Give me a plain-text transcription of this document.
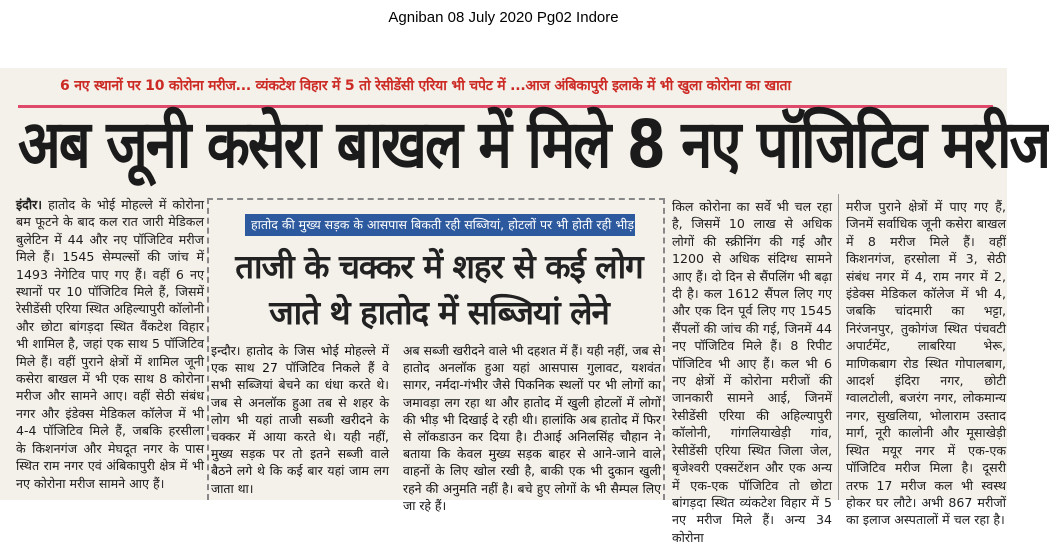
Agniban 08 July 2020 Pg02 Indore
6 नए स्थानों पर 10 कोरोना मरीज... व्यंकटेश विहार में 5 तो रेसीडेंसी एरिया भी चपेट में ...आज अंबिकापुरी इलाके में भी खुला कोरोना का खाता
अब जूनी कसेरा बाखल में मिले 8 नए पॉजिटिव मरीज

इंदौर। हातोद के भोई मोहल्ले में कोरोना बम फूटने के बाद कल रात जारी मेडिकल बुलेटिन में 44 और नए पॉजिटिव मरीज मिले हैं। 1545 सेम्पल्सों की जांच में 1493 नेगेटिव पाए गए हैं। वहीं 6 नए स्थानों पर 10 पॉजिटिव मिले हैं, जिसमें रेसीडेंसी एरिया स्थित अहिल्यापुरी कॉलोनी और छोटा बांगड़दा स्थित वैंकटेश विहार भी शामिल है, जहां एक साथ 5 पॉजिटिव मिले हैं। वहीं पुराने क्षेत्रों में शामिल जूनी कसेरा बाखल में भी एक साथ 8 कोरोना मरीज और सामने आए। वहीं सेठी संबंध नगर और इंडेक्स मेडिकल कॉलेज में भी 4-4 पॉजिटिव मिले हैं, जबकि हरसीला के किशनगंज और मेघदूत नगर के पास स्थित राम नगर एवं अंबिकापुरी क्षेत्र में भी नए कोरोना मरीज सामने आए हैं।

हातोद की मुख्य सड़क के आसपास बिकती रही सब्जियां, होटलों पर भी होती रही भीड़
ताजी के चक्कर में शहर से कई लोग जाते थे हातोद में सब्जियां लेने

इन्दौर। हातोद के जिस भोई मोहल्ले में एक साथ 27 पॉजिटिव निकले हैं वे सभी सब्जियां बेचने का धंधा करते थे। जब से अनलॉक हुआ तब से शहर के लोग भी यहां ताजी सब्जी खरीदने के चक्कर में आया करते थे। यही नहीं, मुख्य सड़क पर तो इतने सब्जी वाले बैठने लगे थे कि कई बार यहां जाम लग जाता था।

अब सब्जी खरीदने वाले भी दहशत में हैं। यही नहीं, जब से हातोद अनलॉक हुआ यहां आसपास गुलावट, यशवंत सागर, नर्मदा-गंभीर जैसे पिकनिक स्थलों पर भी लोगों का जमावड़ा लग रहा था और हातोद में खुली होटलों में लोगों की भीड़ भी दिखाई दे रही थी। हालांकि अब हातोद में फिर से लॉकडाउन कर दिया है। टीआई अनिलसिंह चौहान ने बताया कि केवल मुख्य सड़क बाहर से आने-जाने वाले वाहनों के लिए खोल रखी है, बाकी एक भी दुकान खुली रहने की अनुमति नहीं है। बचे हुए लोगों के भी सैम्पल लिए जा रहे हैं।

किल कोरोना का सर्वे भी चल रहा है, जिसमें 10 लाख से अधिक लोगों की स्क्रीनिंग की गई और 1200 से अधिक संदिग्ध सामने आए हैं। दो दिन से सैंपलिंग भी बढ़ा दी है। कल 1612 सैंपल लिए गए और एक दिन पूर्व लिए गए 1545 सैंपलों की जांच की गई, जिनमें 44 नए पॉजिटिव मिले हैं। 8 रिपीट पॉजिटिव भी आए हैं। कल भी 6 नए क्षेत्रों में कोरोना मरीजों की जानकारी सामने आई, जिनमें रेसीडेंसी एरिया की अहिल्यापुरी कॉलोनी, गांगलियाखेड़ी गांव, रेसीडेंसी एरिया स्थित जिला जेल, बृजेश्वरी एक्सटेंशन और एक अन्य में एक-एक पॉजिटिव तो छोटा बांगड़दा स्थित व्यंकटेश विहार में 5 नए मरीज मिले हैं। अन्य 34 कोरोना

मरीज पुराने क्षेत्रों में पाए गए हैं, जिनमें सर्वाधिक जूनी कसेरा बाखल में 8 मरीज मिले हैं। वहीं किशनगंज, हरसोला में 3, सेठी संबंध नगर में 4, राम नगर में 2, इंडेक्स मेडिकल कॉलेज में भी 4, जबकि चांदमारी का भट्टा, निरंजनपुर, तुकोगंज स्थित पंचवटी अपार्टमेंट, लाबरिया भेरू, माणिकबाग रोड स्थित गोपालबाग, आदर्श इंदिरा नगर, छोटी ग्वालटोली, बजरंग नगर, लोकमान्य नगर, सुखलिया, भोलाराम उस्ताद मार्ग, नूरी कालोनी और मूसाखेड़ी स्थित मयूर नगर में एक-एक पॉजिटिव मरीज मिला है। दूसरी तरफ 17 मरीज कल भी स्वस्थ होकर घर लौटे। अभी 867 मरीजों का इलाज अस्पतालों में चल रहा है।
